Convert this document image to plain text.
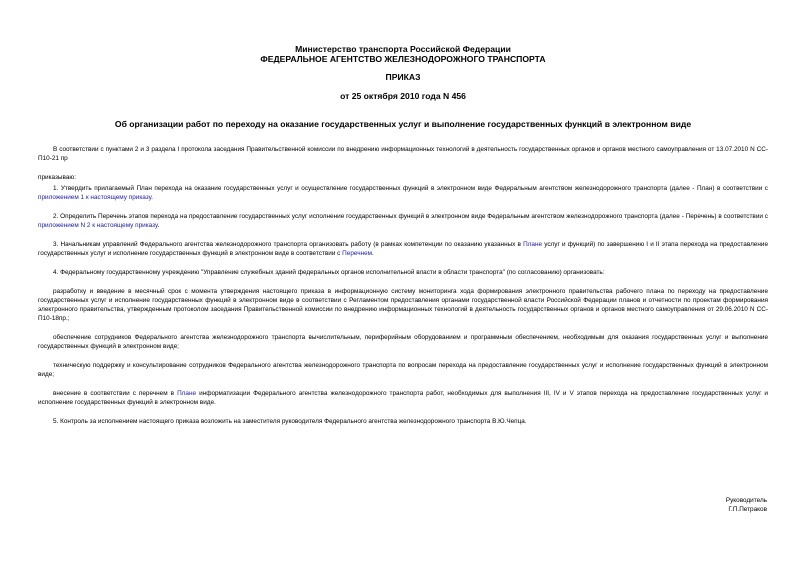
Министерство транспорта Российской Федерации
ФЕДЕРАЛЬНОЕ АГЕНТСТВО ЖЕЛЕЗНОДОРОЖНОГО ТРАНСПОРТА
ПРИКАЗ
от 25 октября 2010 года N 456
Об организации работ по переходу на оказание государственных услуг и выполнение государственных функций в электронном виде

В соответствии с пунктами 2 и 3 раздела I протокола заседания Правительственной комиссии по внедрению информационных технологий в деятельность государственных органов и органов местного самоуправления от 13.07.2010 N СС-П10-21 пр

приказываю:

1. Утвердить прилагаемый План перехода на оказание государственных услуг и осуществление государственных функций в электронном виде Федеральным агентством железнодорожного транспорта (далее - План) в соответствии с приложением 1 к настоящему приказу.

2. Определить Перечень этапов перехода на предоставление государственных услуг исполнение государственных функций в электронном виде Федеральным агентством железнодорожного транспорта (далее - Перечень) в соответствии с приложением N 2 к настоящему приказу.

3. Начальникам управлений Федерального агентства железнодорожного транспорта организовать работу (в рамках компетенции по оказанию указанных в Плане услуг и функций) по завершению I и II этапа перехода на предоставление государственных услуг и исполнение государственных функций в электронном виде в соответствии с Перечнем.

4. Федеральному государственному учреждению "Управление служебных зданий федеральных органов исполнительной власти в области транспорта" (по согласованию) организовать:

разработку и введение в месячный срок с момента утверждения настоящего приказа в информационную систему мониторинга хода формирования электронного правительства рабочего плана по переходу на предоставление государственных услуг и исполнение государственных функций в электронном виде в соответствии с Регламентом предоставления органами государственной власти Российской Федерации планов и отчетности по проектам формирования электронного правительства, утвержденным протоколом заседания Правительственной комиссии по внедрению информационных технологий в деятельность государственных органов и органов местного самоуправления от 29.06.2010 N СС-П10-18пр.;

обеспечение сотрудников Федерального агентства железнодорожного транспорта вычислительным, периферийным оборудованием и программным обеспечением, необходимым для оказания государственных услуг и выполнение государственных функций в электронном виде;

техническую поддержку и консультирование сотрудников Федерального агентства железнодорожного транспорта по вопросам перехода на предоставление государственных услуг и исполнение государственных функций в электронном виде;

внесение в соответствии с перечнем в Плане информатизации Федерального агентства железнодорожного транспорта работ, необходимых для выполнения III, IV и V этапов перехода на предоставление государственных услуг и исполнение государственных функций в электронном виде.

5. Контроль за исполнением настоящего приказа возложить на заместителя руководителя Федерального агентства железнодорожного транспорта В.Ю.Чепца.

Руководитель
Г.П.Петраков
